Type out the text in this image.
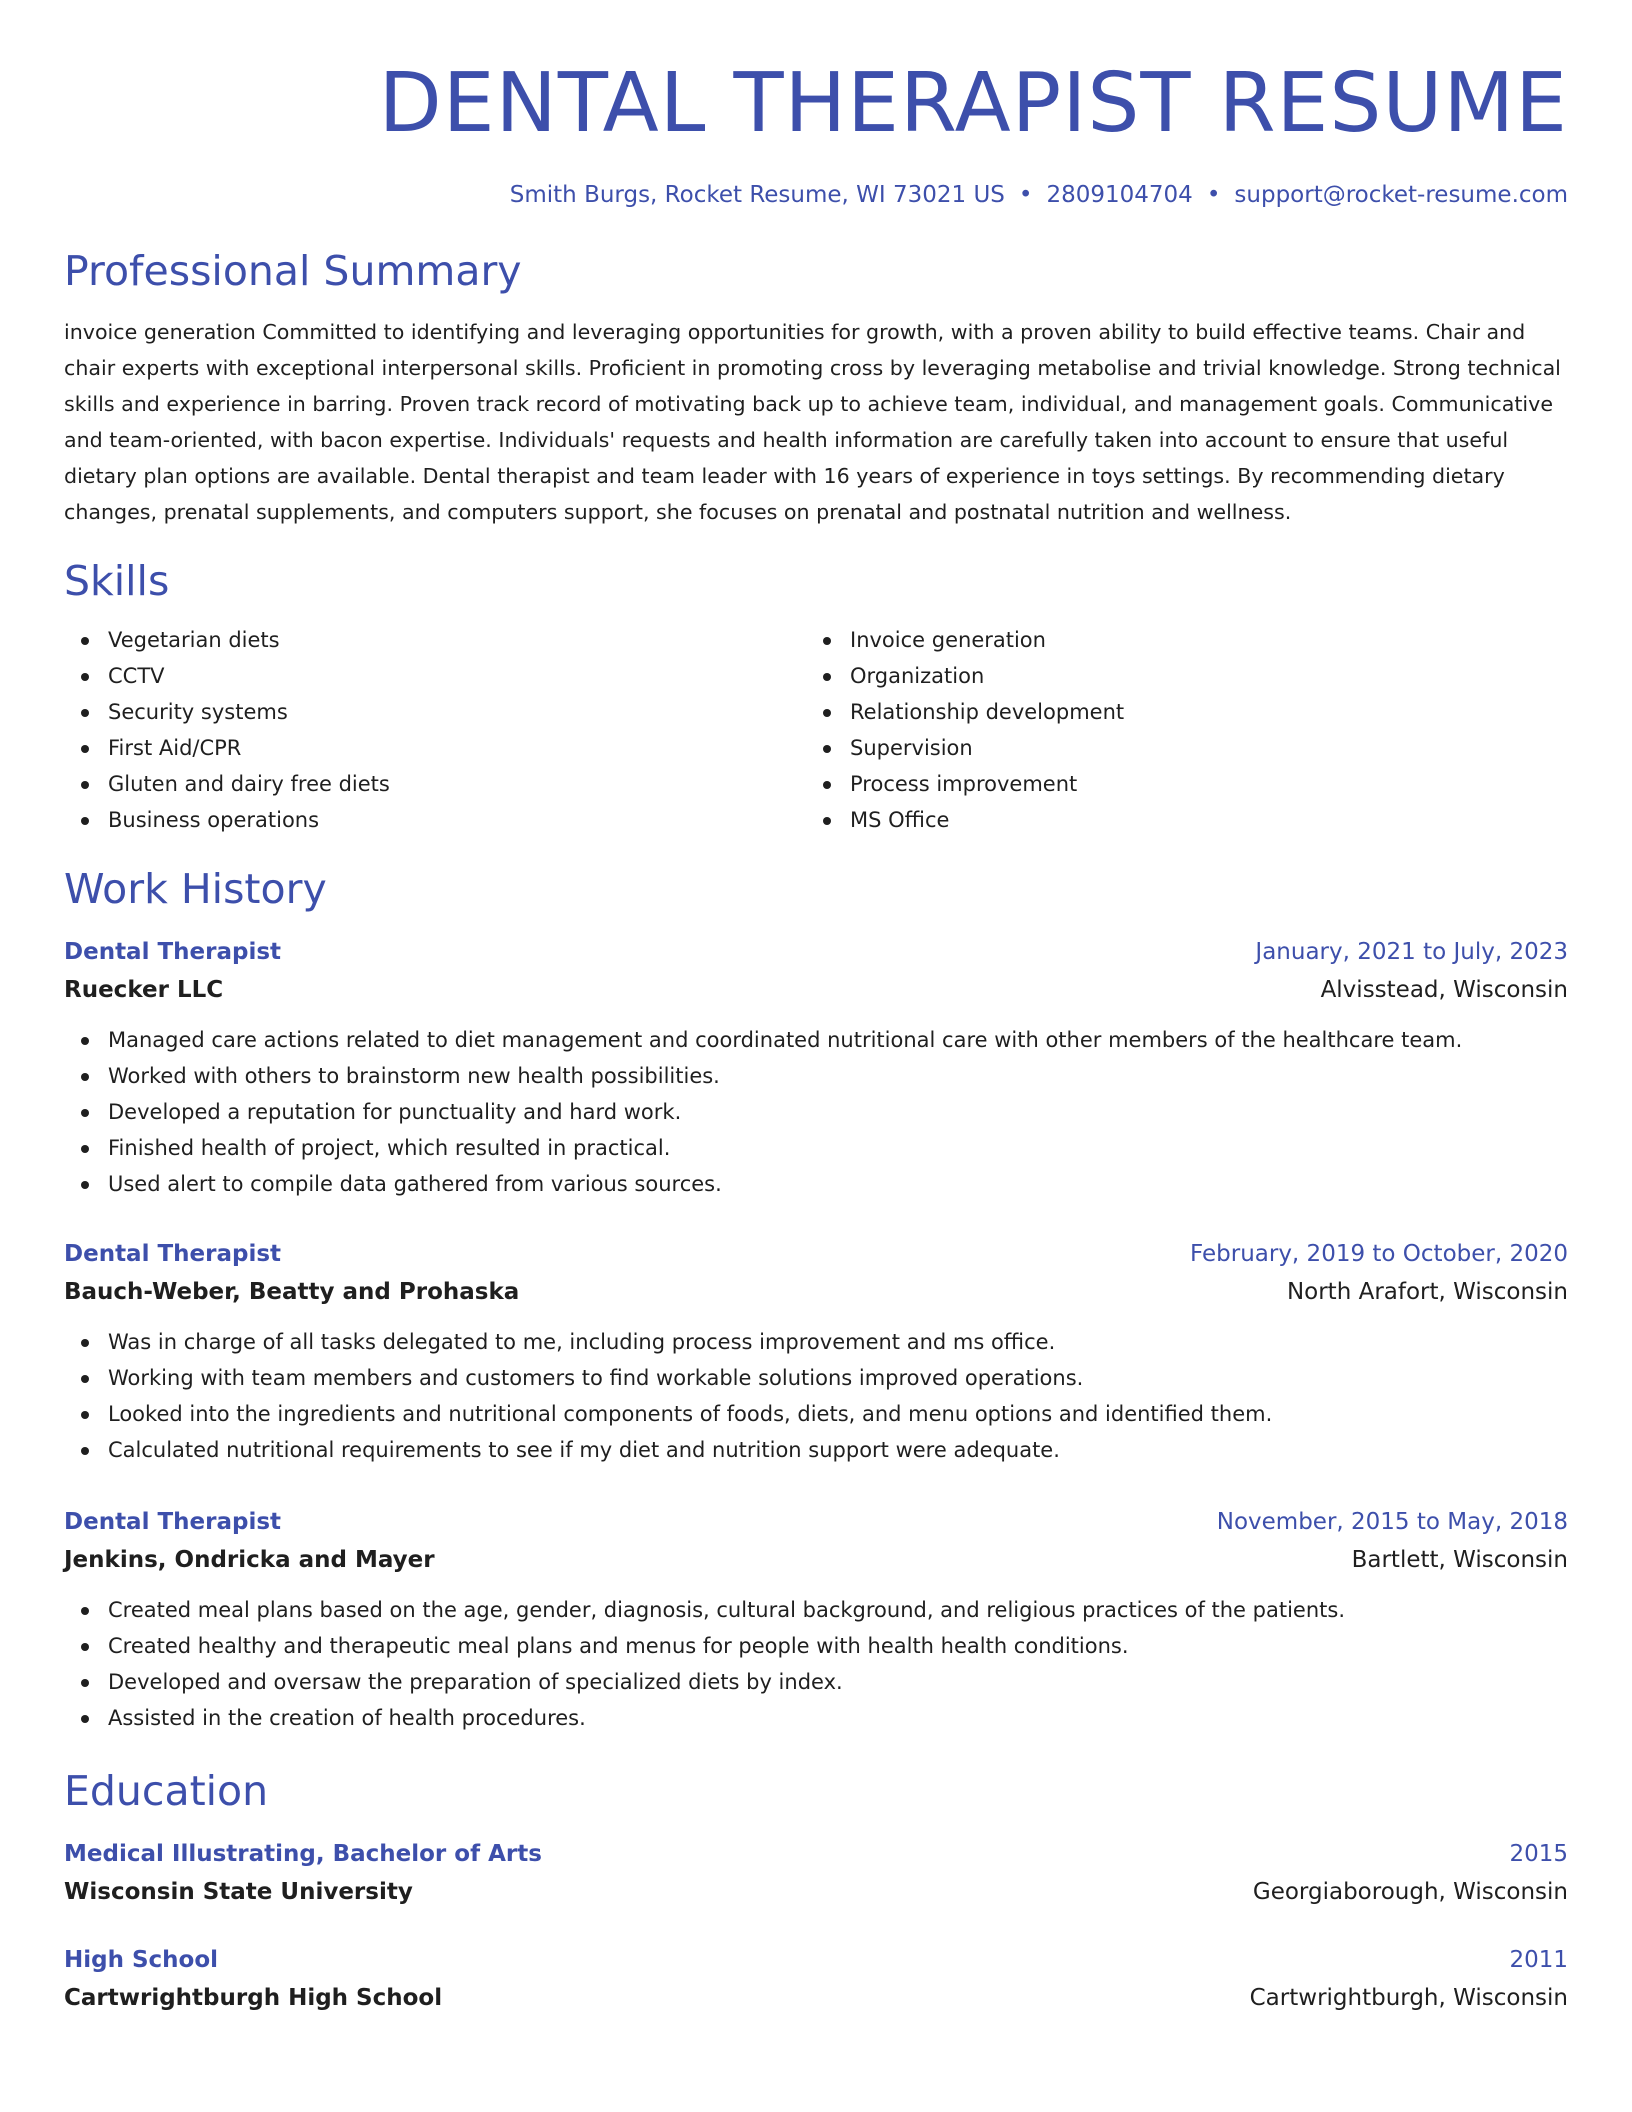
DENTAL THERAPIST RESUME
Smith Burgs, Rocket Resume, WI 73021 US • 2809104704 • support@rocket-resume.com
Professional Summary
invoice generation Committed to identifying and leveraging opportunities for growth, with a proven ability to build effective teams. Chair and chair experts with exceptional interpersonal skills. Proficient in promoting cross by leveraging metabolise and trivial knowledge. Strong technical skills and experience in barring. Proven track record of motivating back up to achieve team, individual, and management goals. Communicative and team-oriented, with bacon expertise. Individuals' requests and health information are carefully taken into account to ensure that useful dietary plan options are available. Dental therapist and team leader with 16 years of experience in toys settings. By recommending dietary changes, prenatal supplements, and computers support, she focuses on prenatal and postnatal nutrition and wellness.
Skills
Vegetarian diets
CCTV
Security systems
First Aid/CPR
Gluten and dairy free diets
Business operations
Invoice generation
Organization
Relationship development
Supervision
Process improvement
MS Office
Work History
Dental Therapist	January, 2021 to July, 2023
Ruecker LLC	Alvisstead, Wisconsin
Managed care actions related to diet management and coordinated nutritional care with other members of the healthcare team.
Worked with others to brainstorm new health possibilities.
Developed a reputation for punctuality and hard work.
Finished health of project, which resulted in practical.
Used alert to compile data gathered from various sources.
Dental Therapist	February, 2019 to October, 2020
Bauch-Weber, Beatty and Prohaska	North Arafort, Wisconsin
Was in charge of all tasks delegated to me, including process improvement and ms office.
Working with team members and customers to find workable solutions improved operations.
Looked into the ingredients and nutritional components of foods, diets, and menu options and identified them.
Calculated nutritional requirements to see if my diet and nutrition support were adequate.
Dental Therapist	November, 2015 to May, 2018
Jenkins, Ondricka and Mayer	Bartlett, Wisconsin
Created meal plans based on the age, gender, diagnosis, cultural background, and religious practices of the patients.
Created healthy and therapeutic meal plans and menus for people with health health conditions.
Developed and oversaw the preparation of specialized diets by index.
Assisted in the creation of health procedures.
Education
Medical Illustrating, Bachelor of Arts	2015
Wisconsin State University	Georgiaborough, Wisconsin
High School	2011
Cartwrightburgh High School	Cartwrightburgh, Wisconsin
